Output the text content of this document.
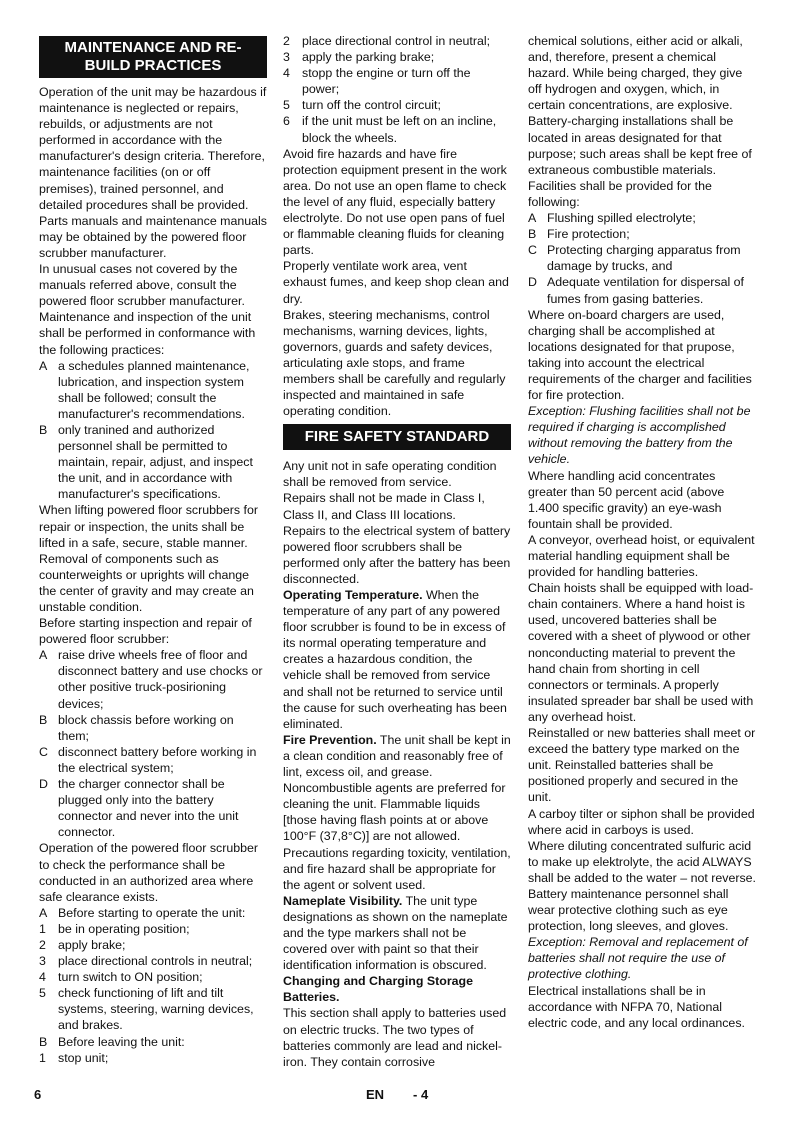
MAINTENANCE AND RE-BUILD PRACTICES

Operation of the unit may be hazardous if maintenance is neglected or repairs, rebuilds, or adjustments are not performed in accordance with the manufacturer's design criteria. Therefore, maintenance facilities (on or off premises), trained personnel, and detailed procedures shall be provided.

Parts manuals and maintenance manuals may be obtained by the powered floor scrubber manufacturer.

In unusual cases not covered by the manuals referred above, consult the powered floor scrubber manufacturer.

Maintenance and inspection of the unit shall be performed in conformance with the following practices:

A a schedules planned maintenance, lubrication, and inspection system shall be followed; consult the manufacturer's recommendations.
B only tranined and authorized personnel shall be permitted to maintain, repair, adjust, and inspect the unit, and in accordance with manufacturer's specifications.

When lifting powered floor scrubbers for repair or inspection, the units shall be lifted in a safe, secure, stable manner. Removal of components such as counterweights or uprights will change the center of gravity and may create an unstable condition.

Before starting inspection and repair of powered floor scrubber:

A raise drive wheels free of floor and disconnect battery and use chocks or other positive truck-posirioning devices;
B block chassis before working on them;
C disconnect battery before working in the electrical system;
D the charger connector shall be plugged only into the battery connector and never into the unit connector.

Operation of the powered floor scrubber to check the performance shall be conducted in an authorized area where safe clearance exists.

A Before starting to operate the unit:
1 be in operating position;
2 apply brake;
3 place directional controls in neutral;
4 turn switch to ON position;
5 check functioning of lift and tilt systems, steering, warning devices, and brakes.
B Before leaving the unit:
1 stop unit;
2 place directional control in neutral;
3 apply the parking brake;
4 stopp the engine or turn off the power;
5 turn off the control circuit;
6 if the unit must be left on an incline, block the wheels.

Avoid fire hazards and have fire protection equipment present in the work area. Do not use an open flame to check the level of any fluid, especially battery electrolyte. Do not use open pans of fuel or flammable cleaning fluids for cleaning parts.

Properly ventilate work area, vent exhaust fumes, and keep shop clean and dry.

Brakes, steering mechanisms, control mechanisms, warning devices, lights, governors, guards and safety devices, articulating axle stops, and frame members shall be carefully and regularly inspected and maintained in safe operating condition.

FIRE SAFETY STANDARD

Any unit not in safe operating condition shall be removed from service.

Repairs shall not be made in Class I, Class II, and Class III locations.

Repairs to the electrical system of battery powered floor scrubbers shall be performed only after the battery has been disconnected.

Operating Temperature. When the temperature of any part of any powered floor scrubber is found to be in excess of its normal operating temperature and creates a hazardous condition, the vehicle shall be removed from service and shall not be returned to service until the cause for such overheating has been eliminated.

Fire Prevention. The unit shall be kept in a clean condition and reasonably free of lint, excess oil, and grease. Noncombustible agents are preferred for cleaning the unit. Flammable liquids [those having flash points at or above 100°F (37,8°C)] are not allowed. Precautions regarding toxicity, ventilation, and fire hazard shall be appropriate for the agent or solvent used.

Nameplate Visibility. The unit type designations as shown on the nameplate and the type markers shall not be covered over with paint so that their identification information is obscured.

Changing and Charging Storage Batteries.

This section shall apply to batteries used on electric trucks. The two types of batteries commonly are lead and nickel-iron. They contain corrosive

chemical solutions, either acid or alkali, and, therefore, present a chemical hazard. While being charged, they give off hydrogen and oxygen, which, in certain concentrations, are explosive.

Battery-charging installations shall be located in areas designated for that purpose; such areas shall be kept free of extraneous combustible materials. Facilities shall be provided for the following:

A Flushing spilled electrolyte;
B Fire protection;
C Protecting charging apparatus from damage by trucks, and
D Adequate ventilation for dispersal of fumes from gasing batteries.

Where on-board chargers are used, charging shall be accomplished at locations designated for that prupose, taking into account the electrical requirements of the charger and facilities for fire protection.

Exception: Flushing facilities shall not be required if charging is accomplished without removing the battery from the vehicle.

Where handling acid concentrates greater than 50 percent acid (above 1.400 specific gravity) an eye-wash fountain shall be provided.

A conveyor, overhead hoist, or equivalent material handling equipment shall be provided for handling batteries.

Chain hoists shall be equipped with load-chain containers. Where a hand hoist is used, uncovered batteries shall be covered with a sheet of plywood or other nonconducting material to prevent the hand chain from shorting in cell connectors or terminals. A properly insulated spreader bar shall be used with any overhead hoist.

Reinstalled or new batteries shall meet or exceed the battery type marked on the unit. Reinstalled batteries shall be positioned properly and secured in the unit.

A carboy tilter or siphon shall be provided where acid in carboys is used.

Where diluting concentrated sulfuric acid to make up elektrolyte, the acid ALWAYS shall be added to the water – not reverse. Battery maintenance personnel shall wear protective clothing such as eye protection, long sleeves, and gloves.

Exception: Removal and replacement of batteries shall not require the use of protective clothing.

Electrical installations shall be in accordance with NFPA 70, National electric code, and any local ordinances.

6	EN - 4
